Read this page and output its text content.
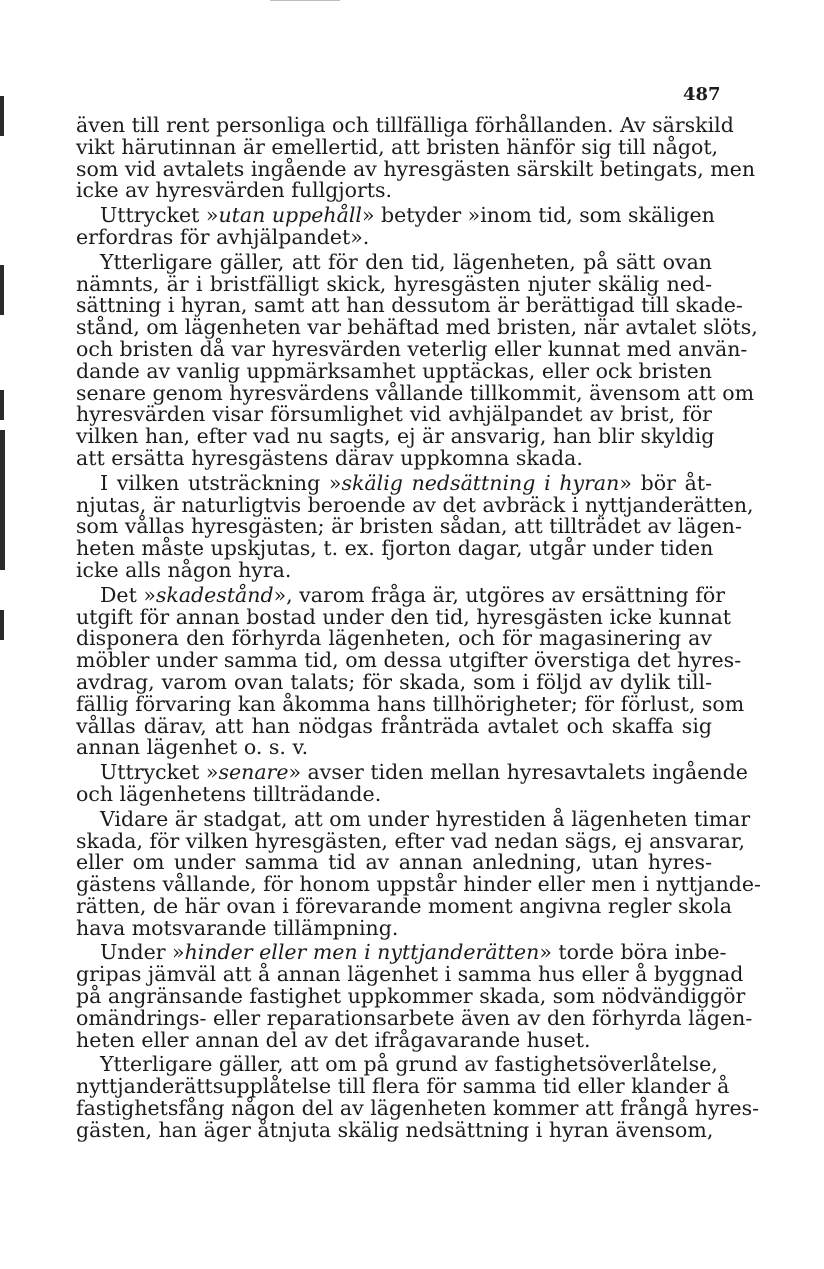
487

även till rent personliga och tillfälliga förhållanden. Av särskild
vikt härutinnan är emellertid, att bristen hänför sig till något,
som vid avtalets ingående av hyresgästen särskilt betingats, men
icke av hyresvärden fullgjorts.

Uttrycket »utan uppehåll» betyder »inom tid, som skäligen
erfordras för avhjälpandet».

Ytterligare gäller, att för den tid, lägenheten, på sätt ovan
nämnts, är i bristfälligt skick, hyresgästen njuter skälig ned-
sättning i hyran, samt att han dessutom är berättigad till skade-
stånd, om lägenheten var behäftad med bristen, när avtalet slöts,
och bristen då var hyresvärden veterlig eller kunnat med använ-
dande av vanlig uppmärksamhet upptäckas, eller ock bristen
senare genom hyresvärdens vållande tillkommit, ävensom att om
hyresvärden visar försumlighet vid avhjälpandet av brist, för
vilken han, efter vad nu sagts, ej är ansvarig, han blir skyldig
att ersätta hyresgästens därav uppkomna skada.

I vilken utsträckning »skälig nedsättning i hyran» bör åt-
njutas, är naturligtvis beroende av det avbräck i nyttjanderätten,
som vållas hyresgästen; är bristen sådan, att tillträdet av lägen-
heten måste upskjutas, t. ex. fjorton dagar, utgår under tiden
icke alls någon hyra.

Det »skadestånd», varom fråga är, utgöres av ersättning för
utgift för annan bostad under den tid, hyresgästen icke kunnat
disponera den förhyrda lägenheten, och för magasinering av
möbler under samma tid, om dessa utgifter överstiga det hyres-
avdrag, varom ovan talats; för skada, som i följd av dylik till-
fällig förvaring kan åkomma hans tillhörigheter; för förlust, som
vållas därav, att han nödgas frånträda avtalet och skaffa sig
annan lägenhet o. s. v.

Uttrycket »senare» avser tiden mellan hyresavtalets ingående
och lägenhetens tillträdande.

Vidare är stadgat, att om under hyrestiden å lägenheten timar
skada, för vilken hyresgästen, efter vad nedan sägs, ej ansvarar,
eller om under samma tid av annan anledning, utan hyres-
gästens vållande, för honom uppstår hinder eller men i nyttjande-
rätten, de här ovan i förevarande moment angivna regler skola
hava motsvarande tillämpning.

Under »hinder eller men i nyttjanderätten» torde böra inbe-
gripas jämväl att å annan lägenhet i samma hus eller å byggnad
på angränsande fastighet uppkommer skada, som nödvändiggör
omändrings- eller reparationsarbete även av den förhyrda lägen-
heten eller annan del av det ifrågavarande huset.

Ytterligare gäller, att om på grund av fastighetsöverlåtelse,
nyttjanderättsupplåtelse till flera för samma tid eller klander å
fastighetsfång någon del av lägenheten kommer att frångå hyres-
gästen, han äger åtnjuta skälig nedsättning i hyran ävensom,
